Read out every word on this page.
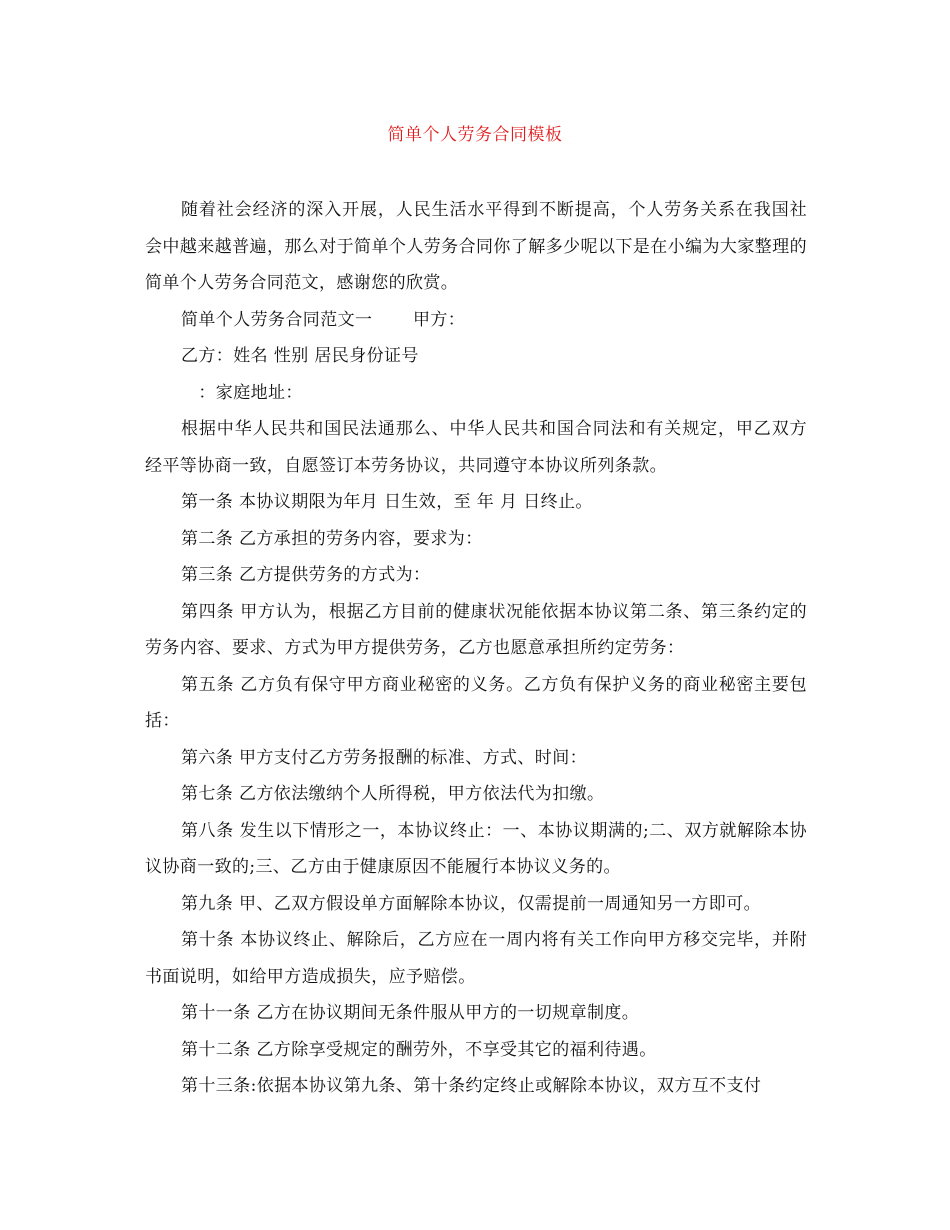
简单个人劳务合同模板

随着社会经济的深入开展，人民生活水平得到不断提高，个人劳务关系在我国社会中越来越普遍，那么对于简单个人劳务合同你了解多少呢以下是在小编为大家整理的简单个人劳务合同范文，感谢您的欣赏。

简单个人劳务合同范文一　　 甲方：

乙方：姓名 性别 居民身份证号

　：家庭地址：

根据中华人民共和国民法通那么、中华人民共和国合同法和有关规定，甲乙双方经平等协商一致，自愿签订本劳务协议，共同遵守本协议所列条款。

第一条 本协议期限为年月 日生效，至 年 月 日终止。

第二条 乙方承担的劳务内容，要求为：

第三条 乙方提供劳务的方式为：

第四条 甲方认为，根据乙方目前的健康状况能依据本协议第二条、第三条约定的劳务内容、要求、方式为甲方提供劳务，乙方也愿意承担所约定劳务：

第五条 乙方负有保守甲方商业秘密的义务。乙方负有保护义务的商业秘密主要包括：

第六条 甲方支付乙方劳务报酬的标准、方式、时间：

第七条 乙方依法缴纳个人所得税，甲方依法代为扣缴。

第八条 发生以下情形之一，本协议终止：一、本协议期满的;二、双方就解除本协议协商一致的;三、乙方由于健康原因不能履行本协议义务的。

第九条 甲、乙双方假设单方面解除本协议，仅需提前一周通知另一方即可。

第十条 本协议终止、解除后，乙方应在一周内将有关工作向甲方移交完毕，并附书面说明，如给甲方造成损失，应予赔偿。

第十一条 乙方在协议期间无条件服从甲方的一切规章制度。

第十二条 乙方除享受规定的酬劳外，不享受其它的福利待遇。

第十三条:依据本协议第九条、第十条约定终止或解除本协议，双方互不支付
